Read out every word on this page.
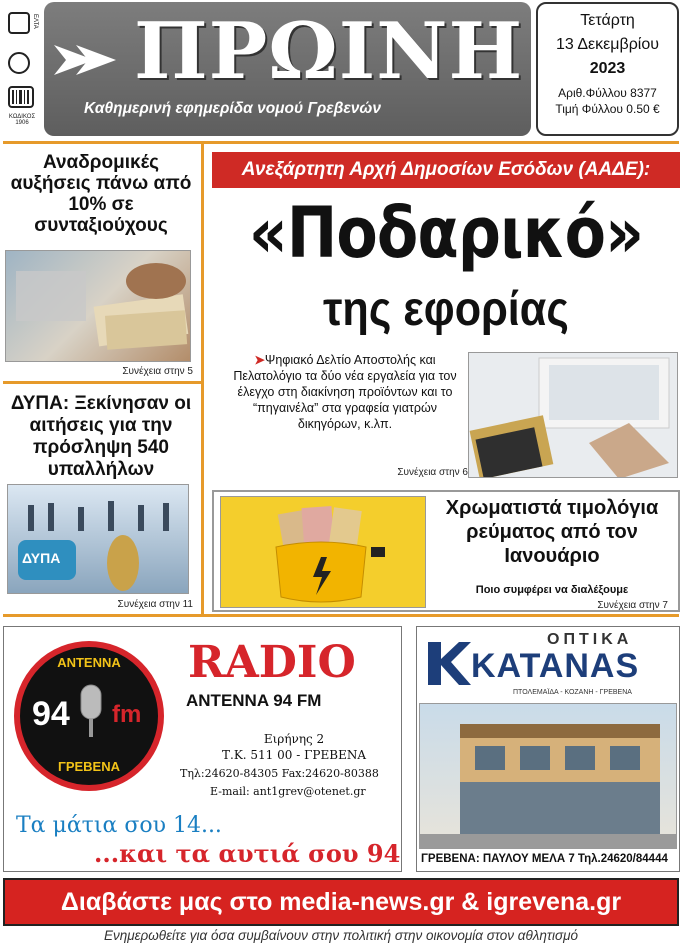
ΕΛΤΑ
ΚΩΔΙΚΟΣ
1906
ΠΡΩΙΝΗ
Καθημερινή εφημερίδα νομού Γρεβενών
Τετάρτη
13 Δεκεμβρίου
2023
Αριθ.Φύλλου 8377
Τιμή Φύλλου 0.50 €
Αναδρομικές αυξήσεις πάνω από 10% σε συνταξιούχους
Συνέχεια στην 5
ΔΥΠΑ: Ξεκίνησαν οι αιτήσεις για την πρόσληψη 540 υπαλλήλων
ΔΥΠΑ
Συνέχεια στην 11
Ανεξάρτητη Αρχή Δημοσίων Εσόδων (ΑΑΔΕ):
«Ποδαρικό»
της εφορίας
➤Ψηφιακό Δελτίο Αποστολής και Πελατολόγιο τα δύο νέα εργαλεία για τον έλεγχο στη διακίνηση προϊόντων και το “πηγαινέλα” στα γραφεία γιατρών δικηγόρων, κ.λπ.
Συνέχεια στην 6
Χρωματιστά τιμολόγια ρεύματος από τον Ιανουάριο
Ποιο συμφέρει να διαλέξουμε
Συνέχεια στην 7
ΑΝΤΕΝΝΑ
94 fm
ΓΡΕΒΕΝΑ
RADIO
ANTENNA 94 FM
Ειρήνης 2
Τ.Κ. 511 00 - ΓΡΕΒΕΝΑ
Τηλ:24620-84305 Fax:24620-80388
E-mail: ant1grev@otenet.gr
Τα μάτια σου 14...
...και τα αυτιά σου 94
ΟΠΤΙΚΑ
KATANAS
ΠΤΟΛΕΜΑΪΔΑ - ΚΟΖΑΝΗ - ΓΡΕΒΕΝΑ
ΓΡΕΒΕΝΑ: ΠΑΥΛΟΥ ΜΕΛΑ 7 Τηλ.24620/84444
Διαβάστε μας στο media-news.gr & igrevena.gr
Ενημερωθείτε για όσα συμβαίνουν στην πολιτική στην οικονομία στον αθλητισμό
